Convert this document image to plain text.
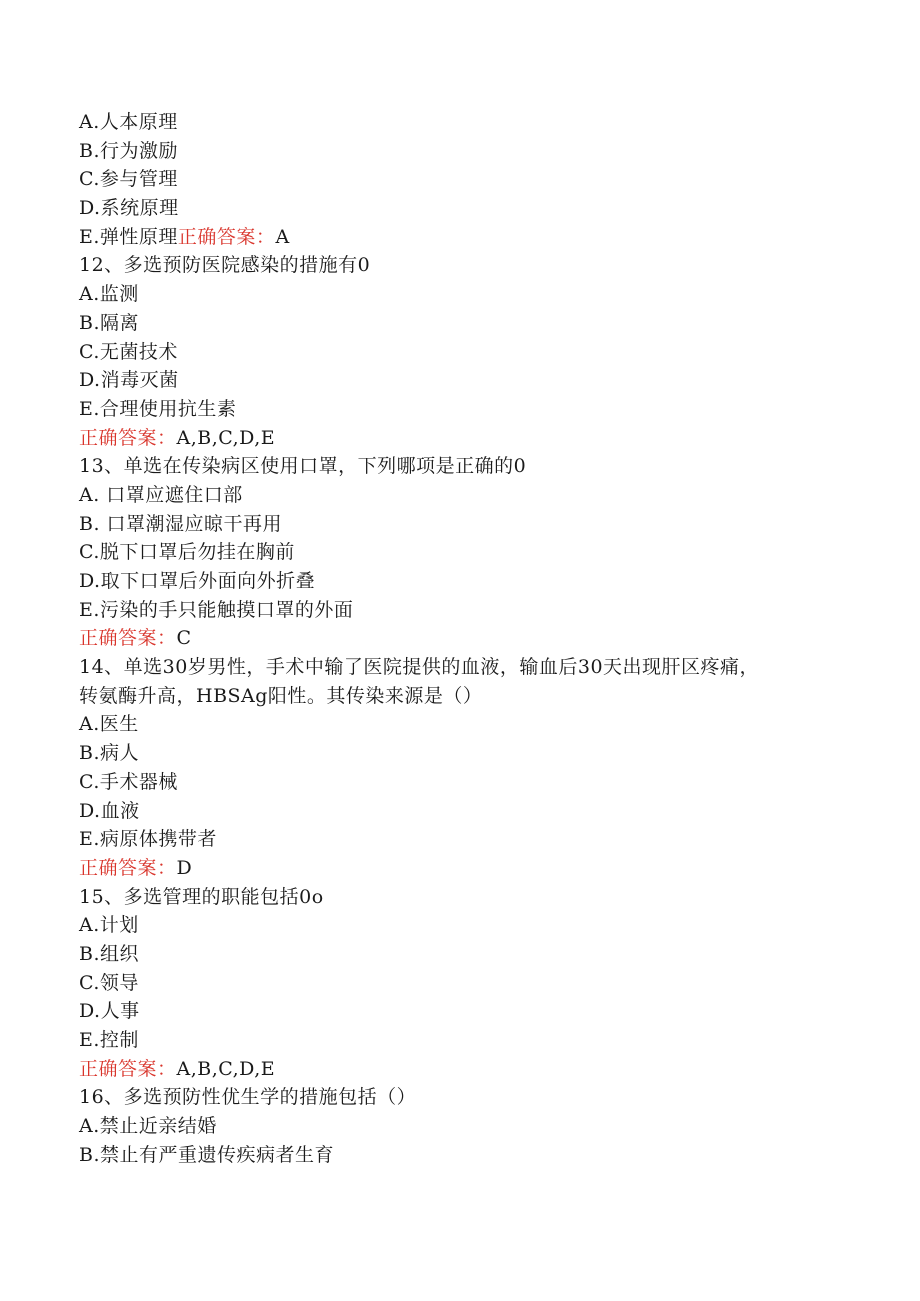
A.人本原理
B.行为激励
C.参与管理
D.系统原理
E.弹性原理正确答案：A
12、多选预防医院感染的措施有0
A.监测
B.隔离
C.无菌技术
D.消毒灭菌
E.合理使用抗生素
正确答案：A,B,C,D,E
13、单选在传染病区使用口罩，下列哪项是正确的0
A. 口罩应遮住口部
B. 口罩潮湿应晾干再用
C.脱下口罩后勿挂在胸前
D.取下口罩后外面向外折叠
E.污染的手只能触摸口罩的外面
正确答案：C
14、单选30岁男性，手术中输了医院提供的血液，输血后30天出现肝区疼痛，
转氨酶升高，HBSAg阳性。其传染来源是（）
A.医生
B.病人
C.手术器械
D.血液
E.病原体携带者
正确答案：D
15、多选管理的职能包括0o
A.计划
B.组织
C.领导
D.人事
E.控制
正确答案：A,B,C,D,E
16、多选预防性优生学的措施包括（）
A.禁止近亲结婚
B.禁止有严重遗传疾病者生育
